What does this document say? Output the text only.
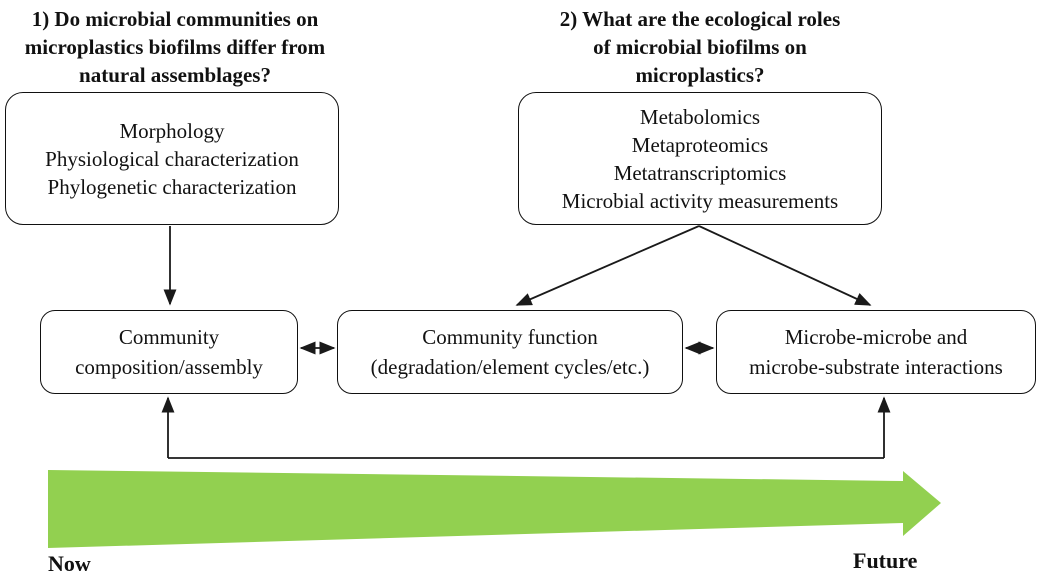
1) Do microbial communities on
microplastics biofilms differ from
natural assemblages?
2) What are the ecological roles
of microbial biofilms on
microplastics?
Morphology
Physiological characterization
Phylogenetic characterization
Metabolomics
Metaproteomics
Metatranscriptomics
Microbial activity measurements
Community
composition/assembly
Community function
(degradation/element cycles/etc.)
Microbe-microbe and
microbe-substrate interactions
Now	Future
